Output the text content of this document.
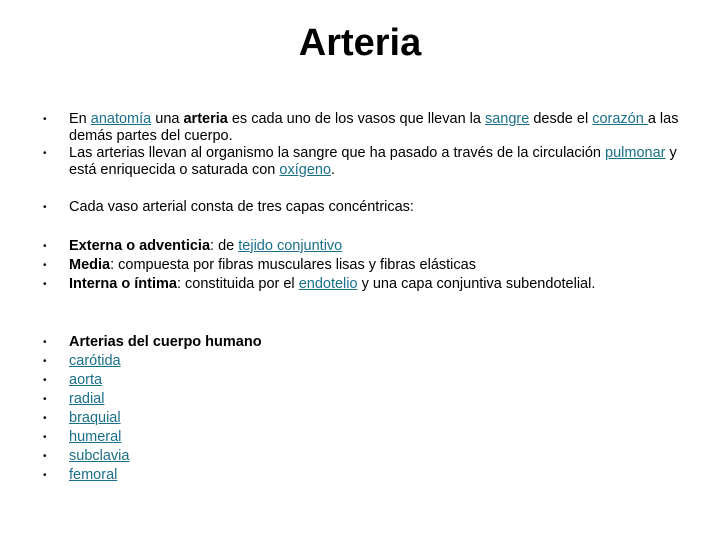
Arteria
• En anatomía una arteria es cada uno de los vasos que llevan la sangre desde el corazón a las demás partes del cuerpo.
• Las arterias llevan al organismo la sangre que ha pasado a través de la circulación pulmonar y está enriquecida o saturada con oxígeno.
• Cada vaso arterial consta de tres capas concéntricas:
• Externa o adventicia: de tejido conjuntivo
• Media: compuesta por fibras musculares lisas y fibras elásticas
• Interna o íntima: constituida por el endotelio y una capa conjuntiva subendotelial.
• Arterias del cuerpo humano
• carótida
• aorta
• radial
• braquial
• humeral
• subclavia
• femoral
